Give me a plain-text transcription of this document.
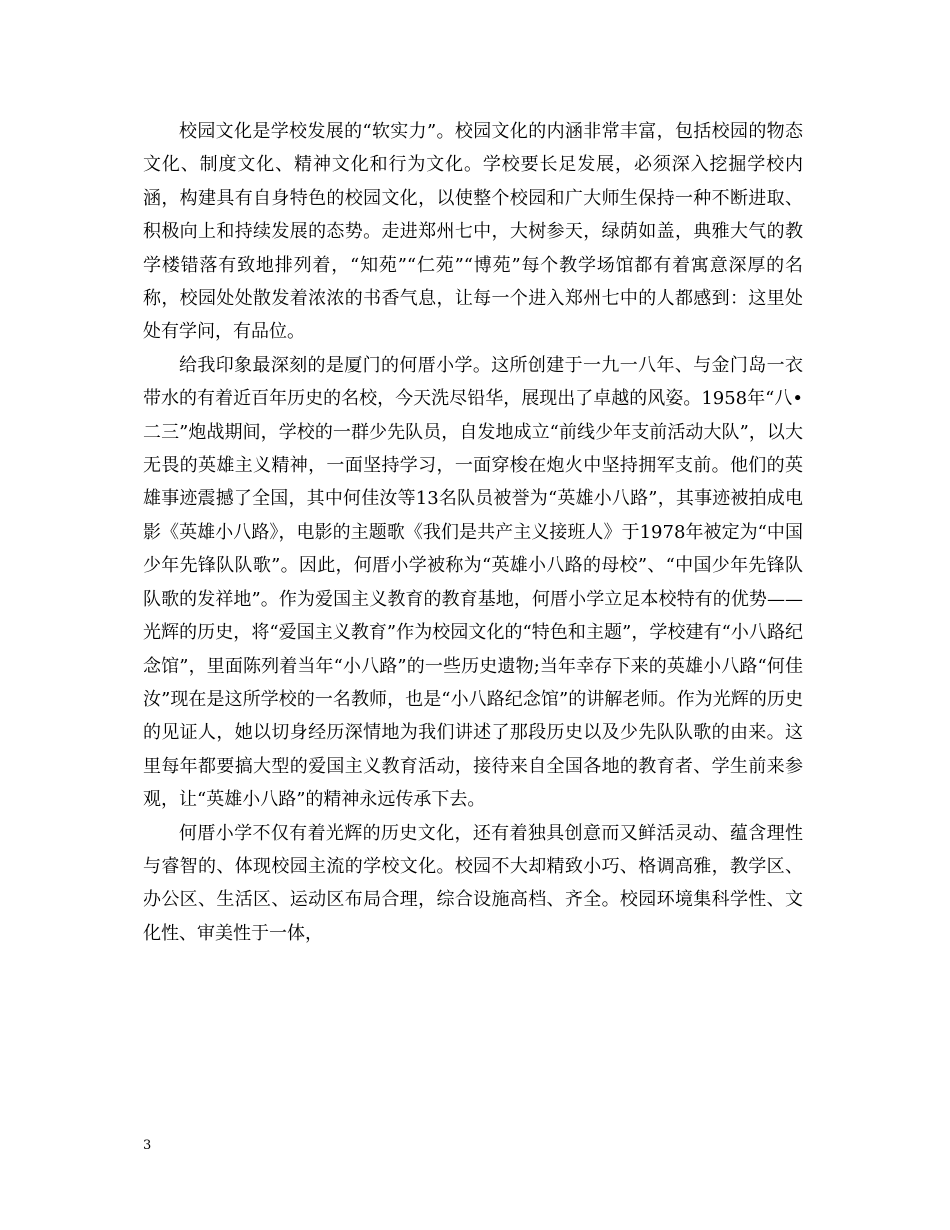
校园文化是学校发展的“软实力”。校园文化的内涵非常丰富，包括校园的物态文化、制度文化、精神文化和行为文化。学校要长足发展，必须深入挖掘学校内涵，构建具有自身特色的校园文化，以使整个校园和广大师生保持一种不断进取、积极向上和持续发展的态势。走进郑州七中，大树参天，绿荫如盖，典雅大气的教学楼错落有致地排列着，“知苑”“仁苑”“博苑”每个教学场馆都有着寓意深厚的名称，校园处处散发着浓浓的书香气息，让每一个进入郑州七中的人都感到：这里处处有学问，有品位。

给我印象最深刻的是厦门的何厝小学。这所创建于一九一八年、与金门岛一衣带水的有着近百年历史的名校，今天洗尽铅华，展现出了卓越的风姿。1958年“八•二三”炮战期间，学校的一群少先队员，自发地成立“前线少年支前活动大队”，以大无畏的英雄主义精神，一面坚持学习，一面穿梭在炮火中坚持拥军支前。他们的英雄事迹震撼了全国，其中何佳汝等13名队员被誉为“英雄小八路”，其事迹被拍成电影《英雄小八路》，电影的主题歌《我们是共产主义接班人》于1978年被定为“中国少年先锋队队歌”。因此，何厝小学被称为“英雄小八路的母校”、“中国少年先锋队队歌的发祥地”。作为爱国主义教育的教育基地，何厝小学立足本校特有的优势——光辉的历史，将“爱国主义教育”作为校园文化的“特色和主题”，学校建有“小八路纪念馆”，里面陈列着当年“小八路”的一些历史遗物;当年幸存下来的英雄小八路“何佳汝”现在是这所学校的一名教师，也是“小八路纪念馆”的讲解老师。作为光辉的历史的见证人，她以切身经历深情地为我们讲述了那段历史以及少先队队歌的由来。这里每年都要搞大型的爱国主义教育活动，接待来自全国各地的教育者、学生前来参观，让“英雄小八路”的精神永远传承下去。

何厝小学不仅有着光辉的历史文化，还有着独具创意而又鲜活灵动、蕴含理性与睿智的、体现校园主流的学校文化。校园不大却精致小巧、格调高雅，教学区、办公区、生活区、运动区布局合理，综合设施高档、齐全。校园环境集科学性、文化性、审美性于一体，

3
